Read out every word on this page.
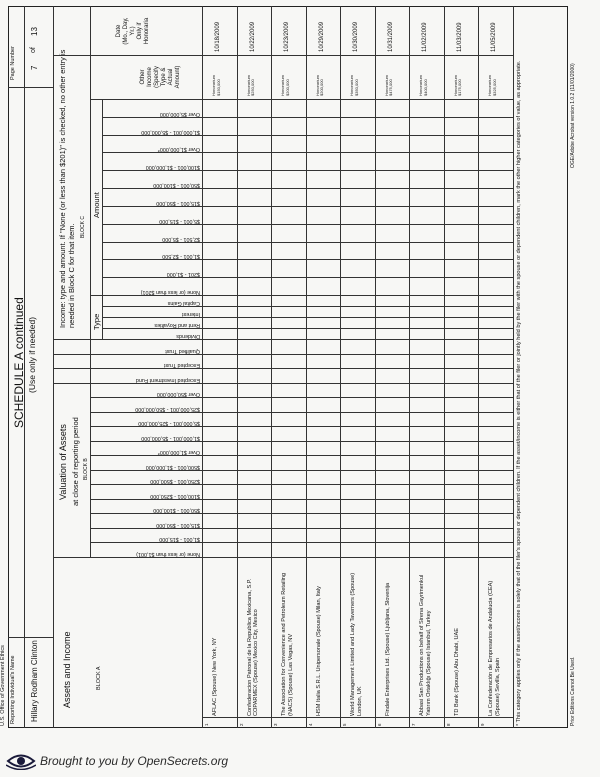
U.S. Office of Government Ethics Reporting Individual's Name Hillary Rodham Clinton
SCHEDULE A continued (Use only if needed)
Page Number 7
of
13
Assets and Income	BLOCK A
Valuation of Assets at close of reporting period BLOCK B
Income: type and amount. If "None (or less than $201)" is checked, no other entry is needed in Block C for that item. BLOCK C
Type
Amount
None (or less than $1,001)
$1,001 - $15,000
$15,001 - $50,000
$50,001 - $100,000
$100,001 - $250,000
$250,001 - $500,000
$500,001 - $1,000,000
Over $1,000,000*
$1,000,001 - $5,000,000
$5,000,001 - $25,000,000
$25,000,001 - $50,000,000
Over $50,000,000
Excepted Investment Fund
Excepted Trust
Qualified Trust
Dividends
Rent and Royalties
Interest
Capital Gains
None (or less than $201)
$201 - $1,000
$1,001 - $2,500
$2,501 - $5,000
$5,001 - $15,000
$15,001 - $50,000
$50,001 - $100,000
$100,001 - $1,000,000
Over $1,000,000*
$1,000,001 - $5,000,000
Over $5,000,000
Other Income (Specify Type & Actual Amount)
Date (Mo., Day, Yr.) Only if Honoraria
1
AFLAC (Spouse) New York, NY
Honorarium $150,000
10/18/2009
2
Confederacion Patronal de la Republica Mexicana, S.P. COPARMEX (Spouse) Mexico City, Mexico
Honorarium $250,000
10/22/2009
3
The Association for Convenience and Petroleum Retailing (NACS) (Spouse) Las Vegas, NV
Honorarium $200,000
10/23/2009
4
HSM Italia S.R.L. Unipersonale (Spouse) Milan, Italy
Honorarium $200,000
10/29/2009
5
World Management Limited and Lady Taverners (Spouse) London, UK
Honorarium $350,000
10/30/2009
6
Findale Enterprises Ltd. (Spouse) Ljubljana, Slovenija
Honorarium $475,000
10/31/2009
7
Abbasi San Productions on behalf of Sirena Gayrimenkul Yatırım Ortaklığı (Spouse) Istanbul, Turkey
Honorarium $400,000
11/02/2009
8
TD Bank (Spouse) Abu Dhabi, UAE
Honorarium $175,000
11/03/2009
9
La Confederación de Empresarios de Andalucia (CEA) (Spouse) Sevilla, Spain
Honorarium $325,000
11/05/2009
* This category applies only if the asset/income is solely that of the filer's spouse or dependent children. If the asset/income is either that of the filer or jointly held by the filer with the spouse or dependent children, mark the other higher categories of value, as appropriate.	Prior Editions Cannot Be Used.
OGE/Adobe Acrobat version 1.0.2 (11/01/2000)
Brought to you by OpenSecrets.org
